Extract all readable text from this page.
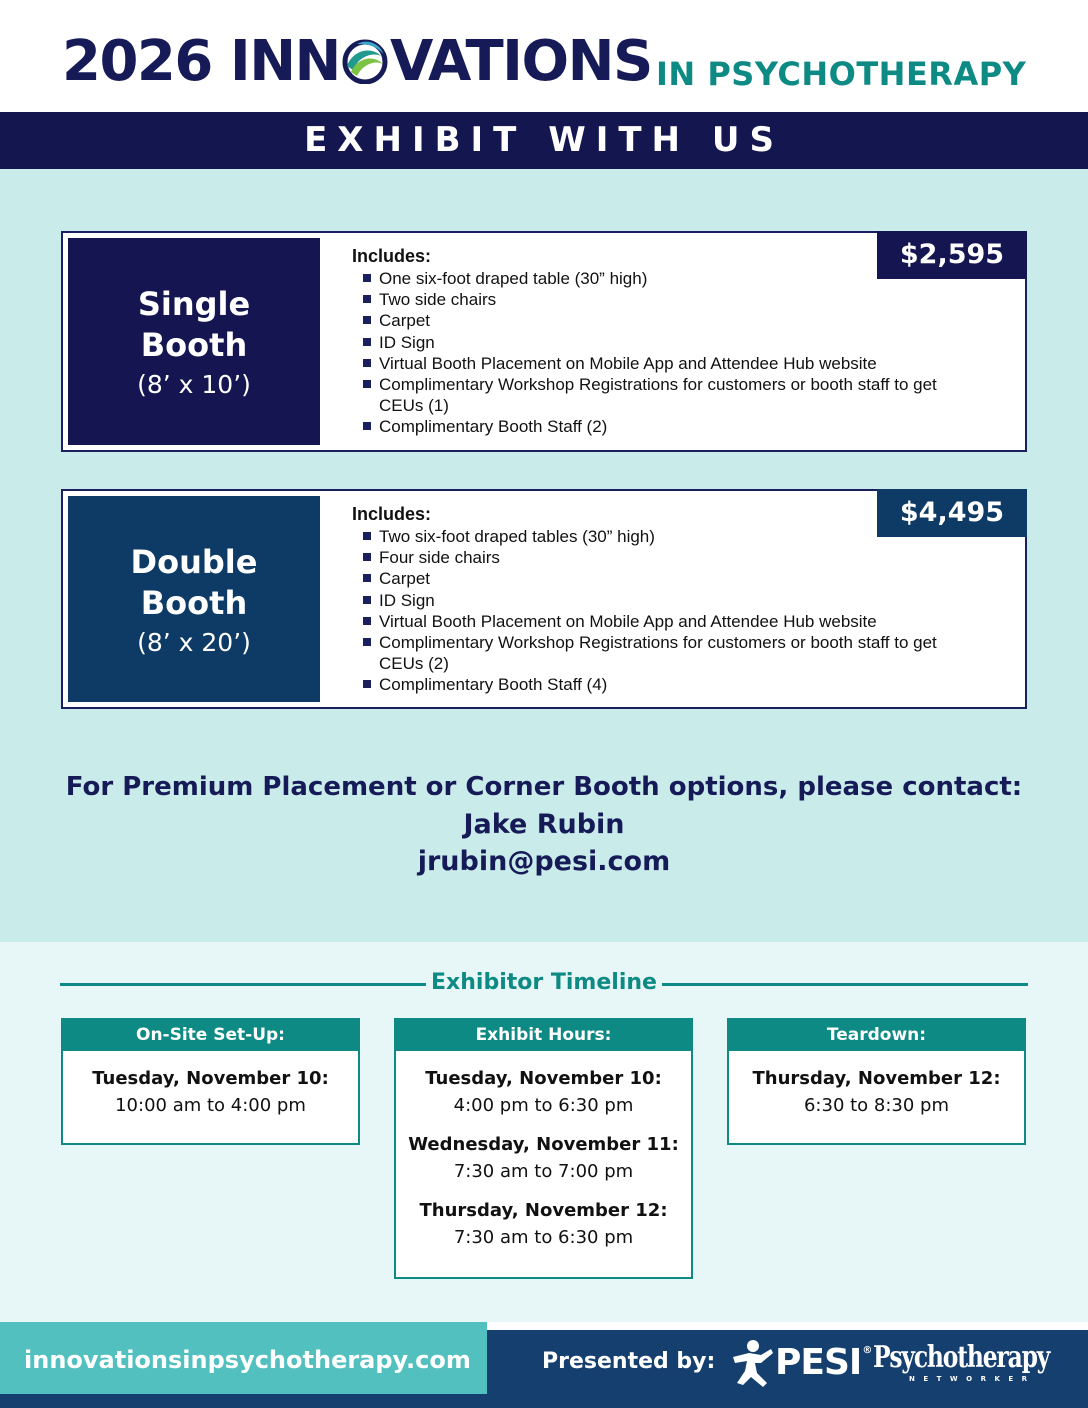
2026 INN VATIONS IN PSYCHOTHERAPY
EXHIBIT WITH US
Single
Booth
(8’ x 10’)
$2,595
Includes:
One six-foot draped table (30” high)
Two side chairs
Carpet
ID Sign
Virtual Booth Placement on Mobile App and Attendee Hub website
Complimentary Workshop Registrations for customers or booth staff to get CEUs (1)
Complimentary Booth Staff (2)
Double
Booth
(8’ x 20’)
$4,495
Includes:
Two six-foot draped tables (30” high)
Four side chairs
Carpet
ID Sign
Virtual Booth Placement on Mobile App and Attendee Hub website
Complimentary Workshop Registrations for customers or booth staff to get CEUs (2)
Complimentary Booth Staff (4)
For Premium Placement or Corner Booth options, please contact:
Jake Rubin
jrubin@pesi.com
Exhibitor Timeline
On-Site Set-Up:
Tuesday, November 10:
10:00 am to 4:00 pm
Exhibit Hours:
Tuesday, November 10:
4:00 pm to 6:30 pm
Wednesday, November 11:
7:30 am to 7:00 pm
Thursday, November 12:
7:30 am to 6:30 pm
Teardown:
Thursday, November 12:
6:30 to 8:30 pm
innovationsinpsychotherapy.com	Presented by: PESI® Psychotherapy
NETWORKER
